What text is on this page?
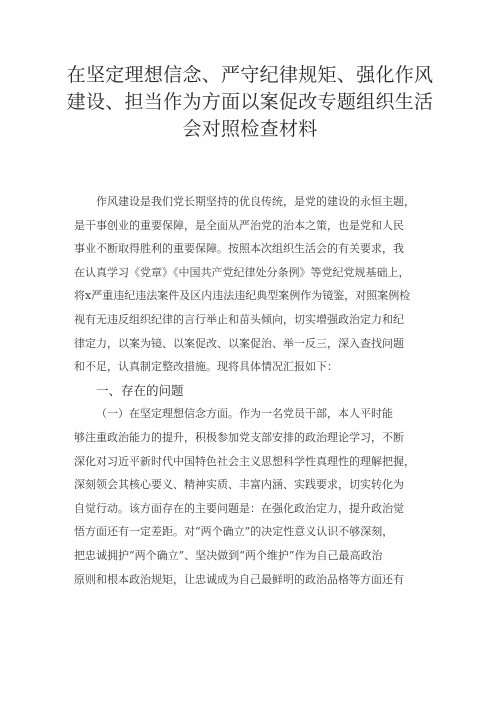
在坚定理想信念、严守纪律规矩、强化作风
建设、担当作为方面以案促改专题组织生活
会对照检查材料
作风建设是我们党长期坚持的优良传统，是党的建设的永恒主题，
是干事创业的重要保障，是全面从严治党的治本之策，也是党和人民
事业不断取得胜利的重要保障。按照本次组织生活会的有关要求，我
在认真学习《党章》《中国共产党纪律处分条例》等党纪党规基础上，
将x严重违纪违法案件及区内违法违纪典型案例作为镜鉴，对照案例检
视有无违反组织纪律的言行举止和苗头倾向，切实增强政治定力和纪
律定力，以案为镜、以案促改、以案促治、举一反三，深入查找问题
和不足，认真制定整改措施。现将具体情况汇报如下：
一、存在的问题
（一）在坚定理想信念方面。作为一名党员干部，本人平时能
够注重政治能力的提升，积极参加党支部安排的政治理论学习，不断
深化对习近平新时代中国特色社会主义思想科学性真理性的理解把握，
深刻领会其核心要义、精神实质、丰富内涵、实践要求，切实转化为
自觉行动。该方面存在的主要问题是：在强化政治定力，提升政治觉
悟方面还有一定差距。对“两个确立”的决定性意义认识不够深刻，
把忠诚拥护“两个确立”、坚决做到“两个维护”作为自己最高政治
原则和根本政治规矩，让忠诚成为自己最鲜明的政治品格等方面还有
